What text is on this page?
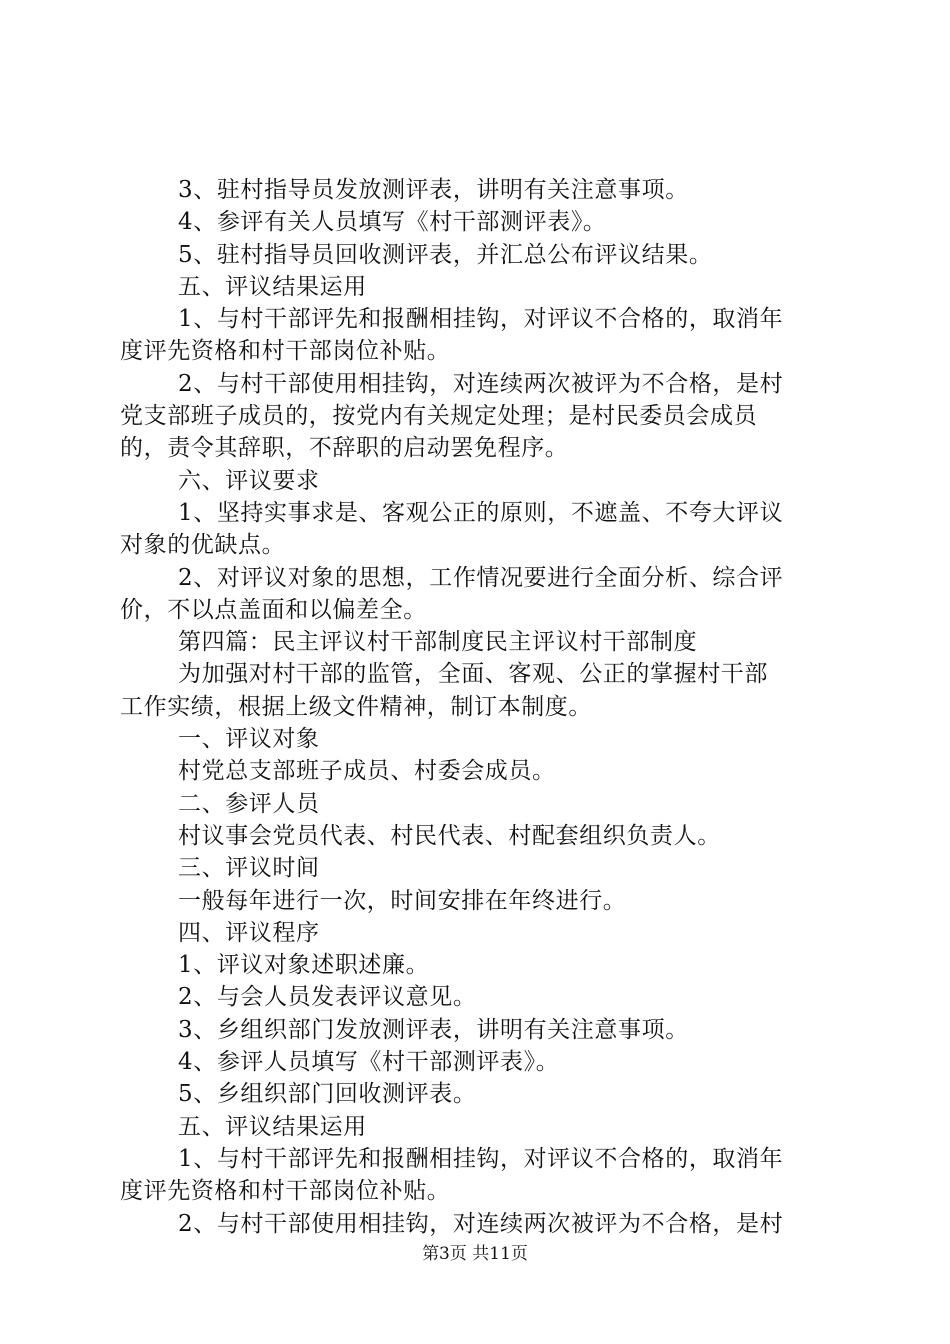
3、驻村指导员发放测评表，讲明有关注意事项。
4、参评有关人员填写《村干部测评表》。
5、驻村指导员回收测评表，并汇总公布评议结果。
五、评议结果运用
1、与村干部评先和报酬相挂钩，对评议不合格的，取消年
度评先资格和村干部岗位补贴。
2、与村干部使用相挂钩，对连续两次被评为不合格，是村
党支部班子成员的，按党内有关规定处理；是村民委员会成员
的，责令其辞职，不辞职的启动罢免程序。
六、评议要求
1、坚持实事求是、客观公正的原则，不遮盖、不夸大评议
对象的优缺点。
2、对评议对象的思想，工作情况要进行全面分析、综合评
价，不以点盖面和以偏差全。
第四篇：民主评议村干部制度民主评议村干部制度
为加强对村干部的监管，全面、客观、公正的掌握村干部
工作实绩，根据上级文件精神，制订本制度。
一、评议对象
村党总支部班子成员、村委会成员。
二、参评人员
村议事会党员代表、村民代表、村配套组织负责人。
三、评议时间
一般每年进行一次，时间安排在年终进行。
四、评议程序
1、评议对象述职述廉。
2、与会人员发表评议意见。
3、乡组织部门发放测评表，讲明有关注意事项。
4、参评人员填写《村干部测评表》。
5、乡组织部门回收测评表。
五、评议结果运用
1、与村干部评先和报酬相挂钩，对评议不合格的，取消年
度评先资格和村干部岗位补贴。
2、与村干部使用相挂钩，对连续两次被评为不合格，是村
第3页 共11页
